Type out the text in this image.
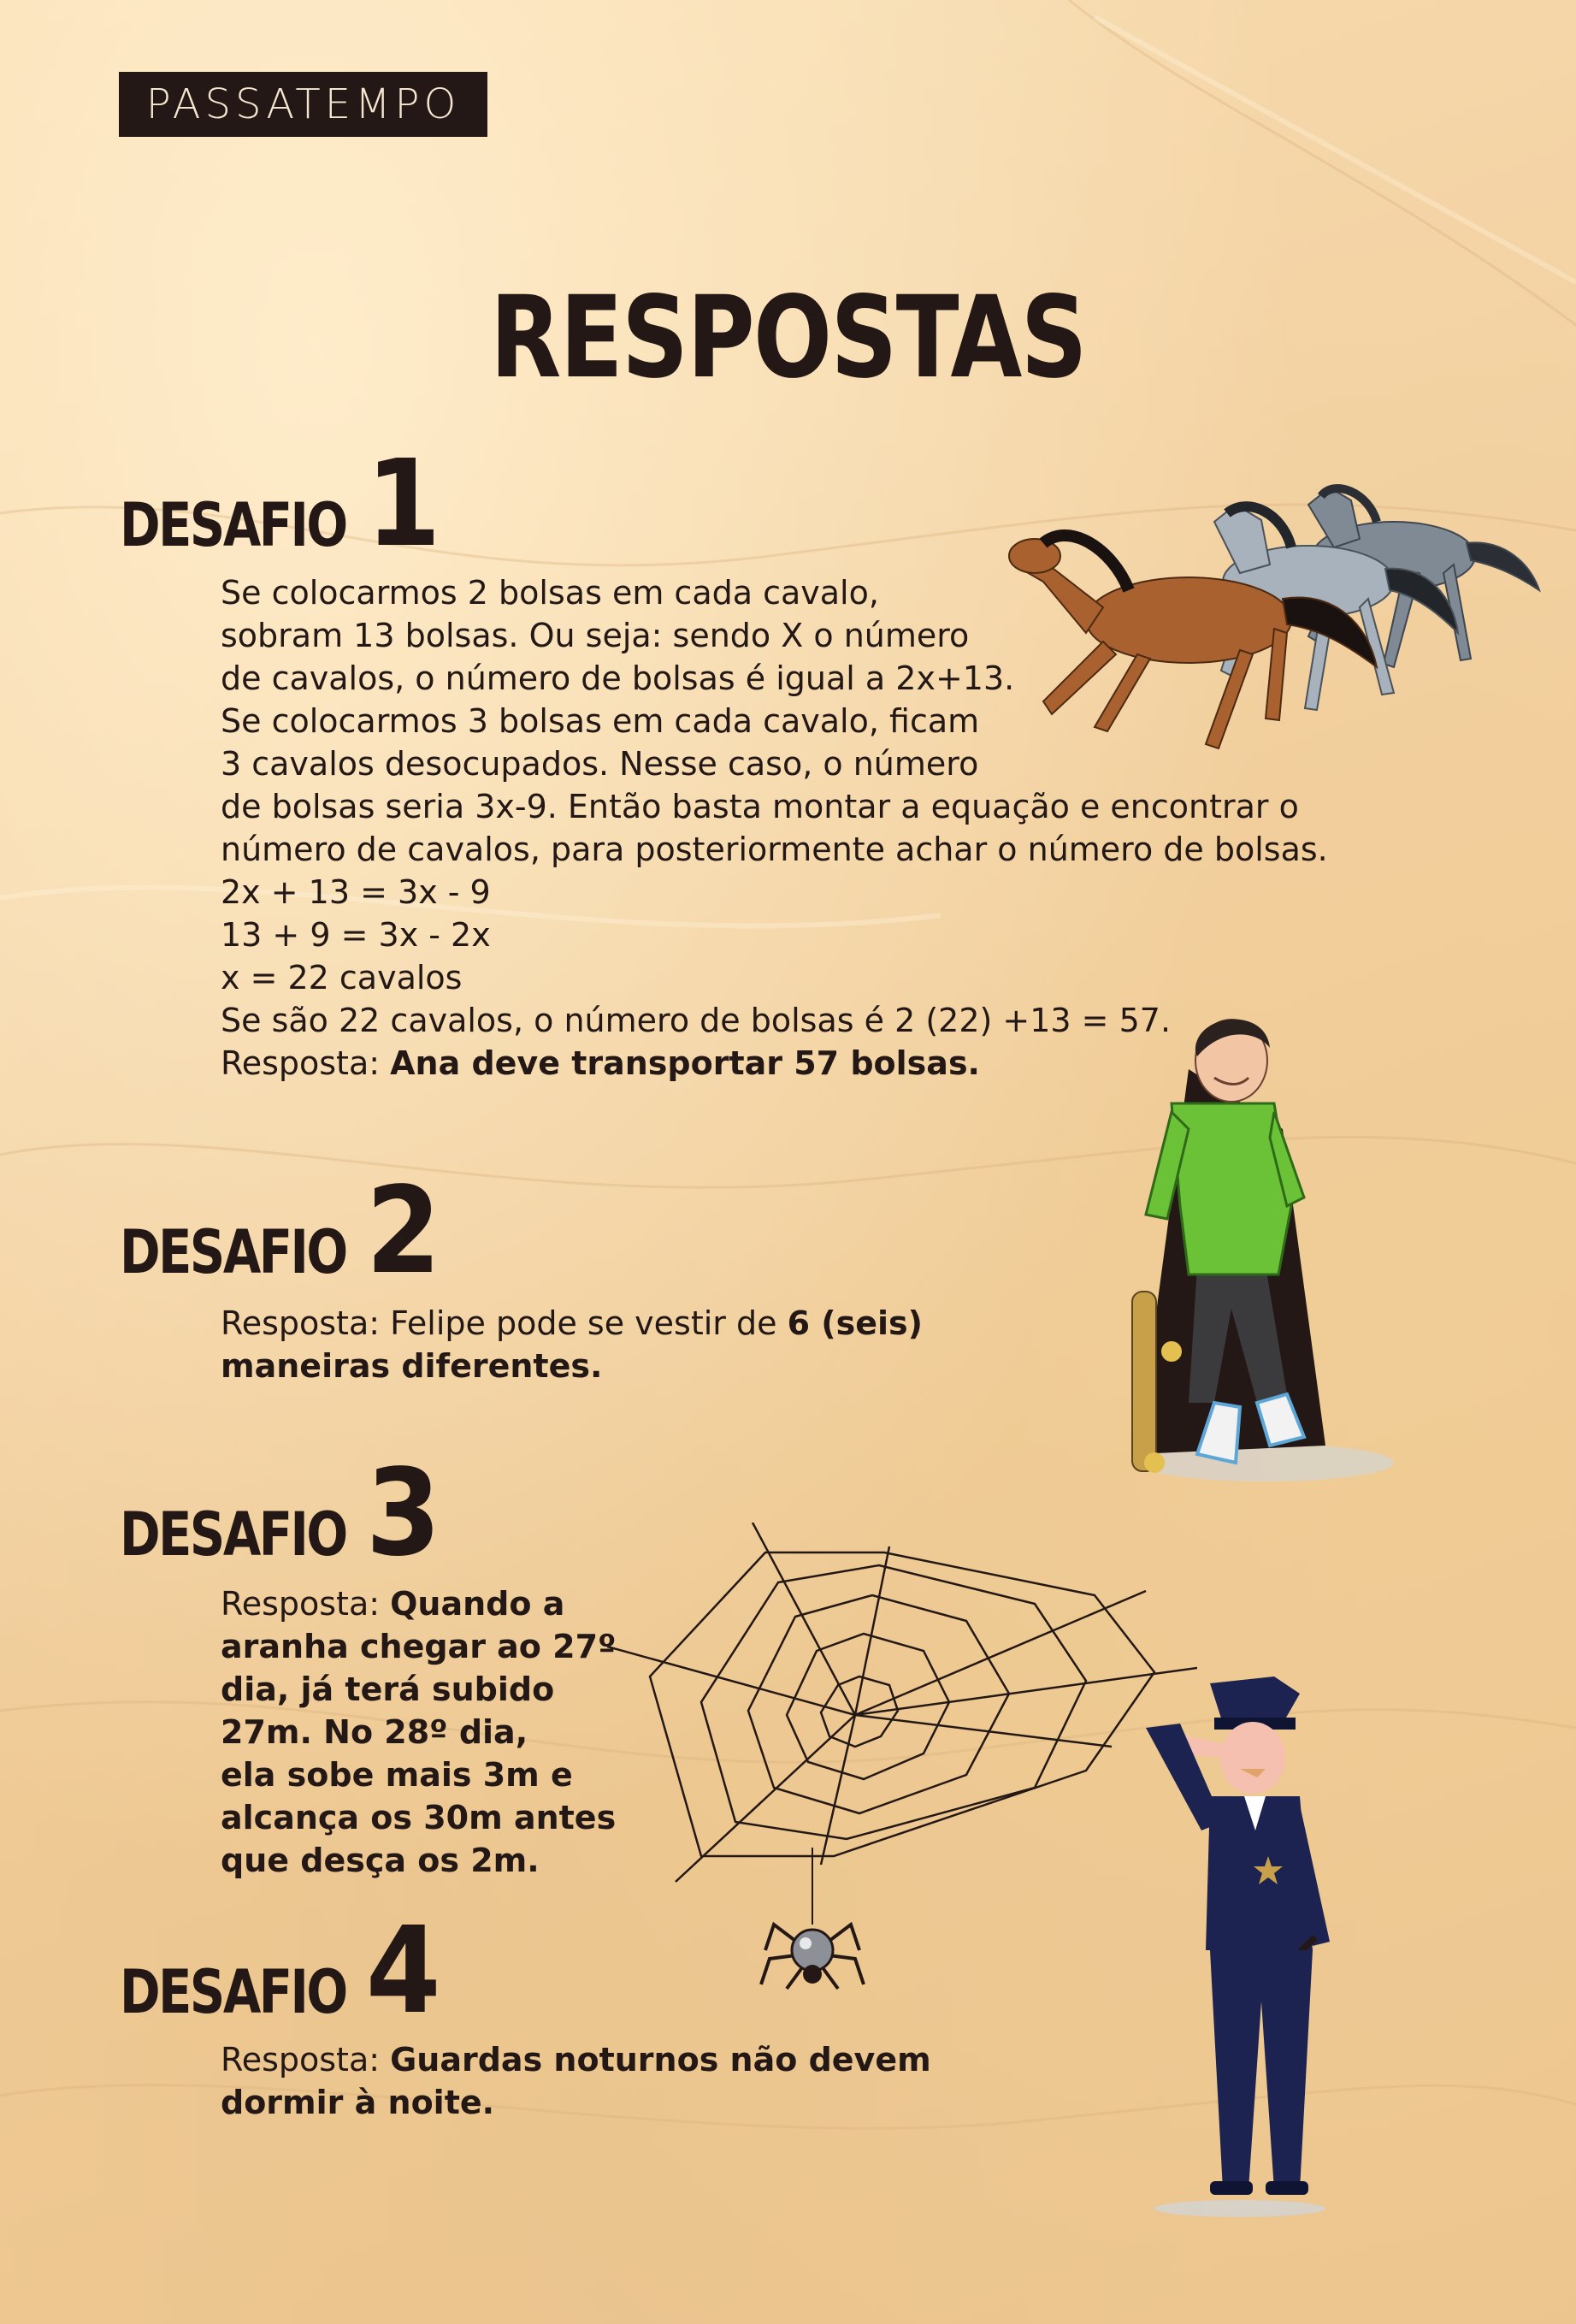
PASSATEMPO
RESPOSTAS
DESAFIO 1

Se colocarmos 2 bolsas em cada cavalo,

sobram 13 bolsas. Ou seja: sendo X o número

de cavalos, o número de bolsas é igual a 2x+13.

Se colocarmos 3 bolsas em cada cavalo, ficam

3 cavalos desocupados. Nesse caso, o número

de bolsas seria 3x-9. Então basta montar a equação e encontrar o

número de cavalos, para posteriormente achar o número de bolsas.

2x + 13 = 3x - 9

13 + 9 = 3x - 2x

x = 22 cavalos

Se são 22 cavalos, o número de bolsas é 2 (22) +13 = 57.

Resposta: Ana deve transportar 57 bolsas.

DESAFIO 2

Resposta: Felipe pode se vestir de 6 (seis)

maneiras diferentes.

DESAFIO 3

Resposta: Quando a

aranha chegar ao 27º

dia, já terá subido

27m. No 28º dia,

ela sobe mais 3m e

alcança os 30m antes

que desça os 2m.

DESAFIO 4

Resposta: Guardas noturnos não devem

dormir à noite.
